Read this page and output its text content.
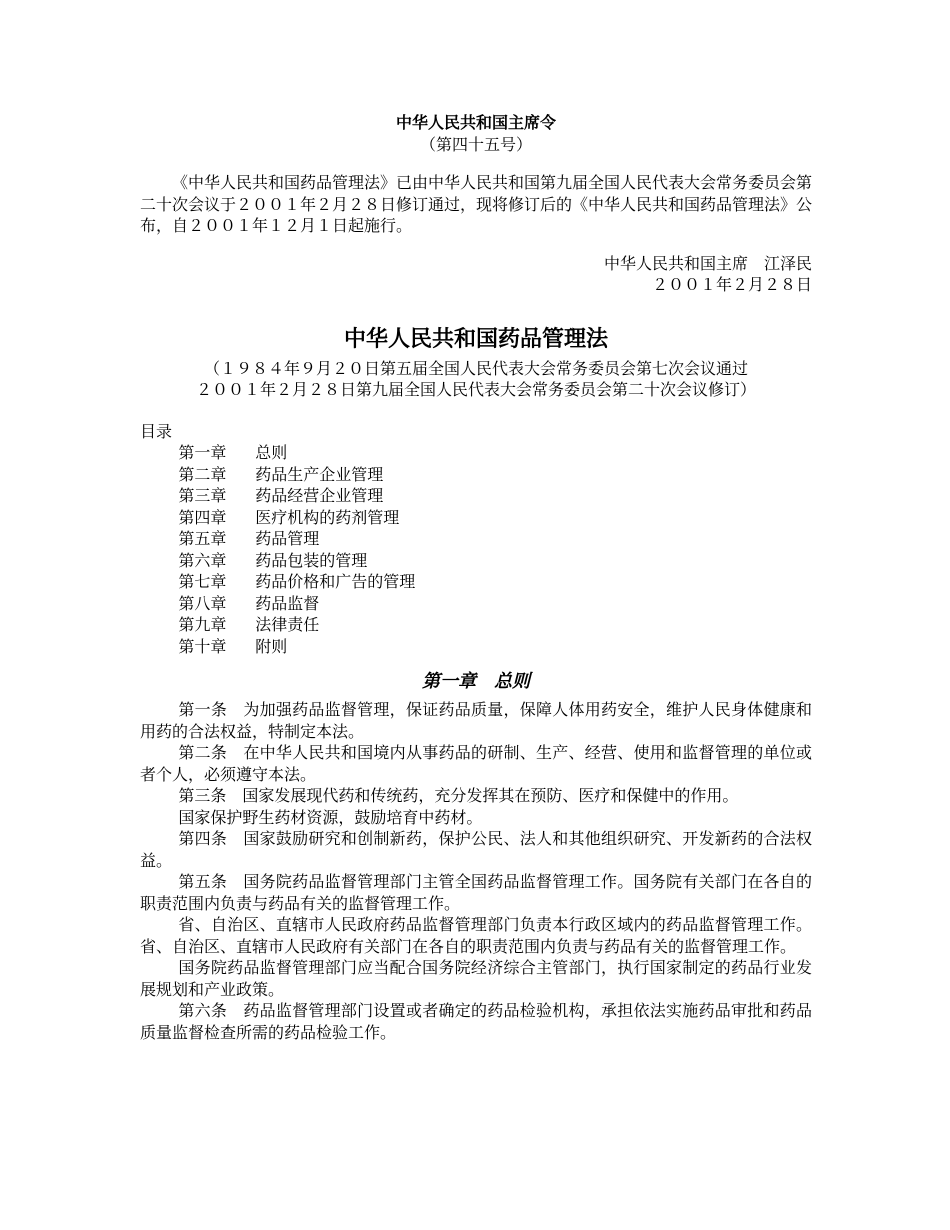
中华人民共和国主席令
（第四十五号）

《中华人民共和国药品管理法》已由中华人民共和国第九届全国人民代表大会常务委员会第二十次会议于２００１年２月２８日修订通过，现将修订后的《中华人民共和国药品管理法》公布，自２００１年１２月１日起施行。

中华人民共和国主席　江泽民
２００１年２月２８日
中华人民共和国药品管理法
（１９８４年９月２０日第五届全国人民代表大会常务委员会第七次会议通过
２００１年２月２８日第九届全国人民代表大会常务委员会第二十次会议修订）

目录

第一章 总则

第二章 药品生产企业管理

第三章 药品经营企业管理

第四章 医疗机构的药剂管理

第五章 药品管理

第六章 药品包装的管理

第七章 药品价格和广告的管理

第八章 药品监督

第九章 法律责任

第十章 附则

第一章　总则

第一条　 为加强药品监督管理，保证药品质量，保障人体用药安全，维护人民身体健康和用药的合法权益，特制定本法。

第二条　 在中华人民共和国境内从事药品的研制、生产、经营、使用和监督管理的单位或者个人，必须遵守本法。

第三条　 国家发展现代药和传统药，充分发挥其在预防、医疗和保健中的作用。

国家保护野生药材资源，鼓励培育中药材。

第四条　 国家鼓励研究和创制新药，保护公民、法人和其他组织研究、开发新药的合法权益。

第五条　 国务院药品监督管理部门主管全国药品监督管理工作。国务院有关部门在各自的职责范围内负责与药品有关的监督管理工作。

省、自治区、直辖市人民政府药品监督管理部门负责本行政区域内的药品监督管理工作。省、自治区、直辖市人民政府有关部门在各自的职责范围内负责与药品有关的监督管理工作。

国务院药品监督管理部门应当配合国务院经济综合主管部门，执行国家制定的药品行业发展规划和产业政策。

第六条　 药品监督管理部门设置或者确定的药品检验机构，承担依法实施药品审批和药品质量监督检查所需的药品检验工作。
